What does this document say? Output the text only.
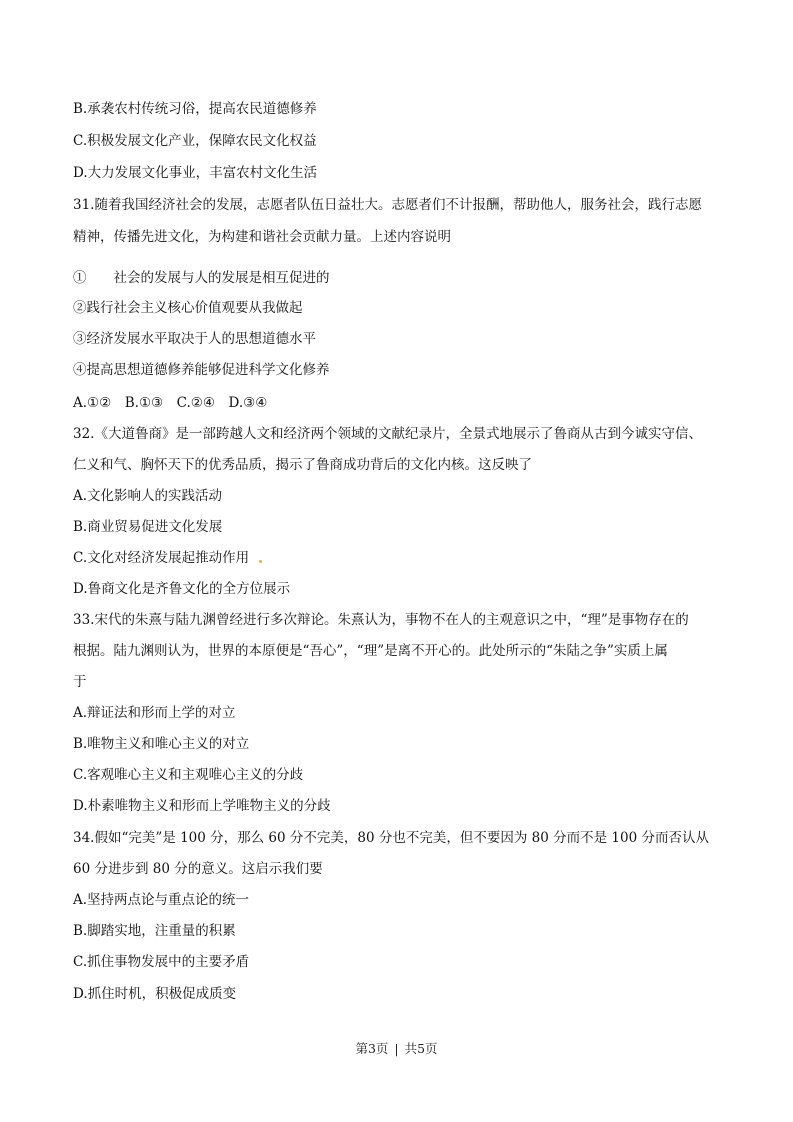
B.承袭农村传统习俗，提高农民道德修养
C.积极发展文化产业，保障农民文化权益
D.大力发展文化事业，丰富农村文化生活
31.随着我国经济社会的发展，志愿者队伍日益壮大。志愿者们不计报酬，帮助他人，服务社会，践行志愿
精神，传播先进文化，为构建和谐社会贡献力量。上述内容说明
①　　社会的发展与人的发展是相互促进的
②践行社会主义核心价值观要从我做起
③经济发展水平取决于人的思想道德水平
④提高思想道德修养能够促进科学文化修养
A.①②　B.①③　C.②④　D.③④
32.《大道鲁商》是一部跨越人文和经济两个领域的文献纪录片，全景式地展示了鲁商从古到今诚实守信、
仁义和气、胸怀天下的优秀品质，揭示了鲁商成功背后的文化内核。这反映了
A.文化影响人的实践活动
B.商业贸易促进文化发展
C.文化对经济发展起推动作用
D.鲁商文化是齐鲁文化的全方位展示
33.宋代的朱熹与陆九渊曾经进行多次辩论。朱熹认为，事物不在人的主观意识之中，“理”是事物存在的
根据。陆九渊则认为，世界的本原便是“吾心”，“理”是离不开心的。此处所示的“朱陆之争”实质上属
于
A.辩证法和形而上学的对立
B.唯物主义和唯心主义的对立
C.客观唯心主义和主观唯心主义的分歧
D.朴素唯物主义和形而上学唯物主义的分歧
34.假如“完美”是 100 分，那么 60 分不完美，80 分也不完美，但不要因为 80 分而不是 100 分而否认从
60 分进步到 80 分的意义。这启示我们要
A.坚持两点论与重点论的统一
B.脚踏实地，注重量的积累
C.抓住事物发展中的主要矛盾
D.抓住时机，积极促成质变
第3页 | 共5页
